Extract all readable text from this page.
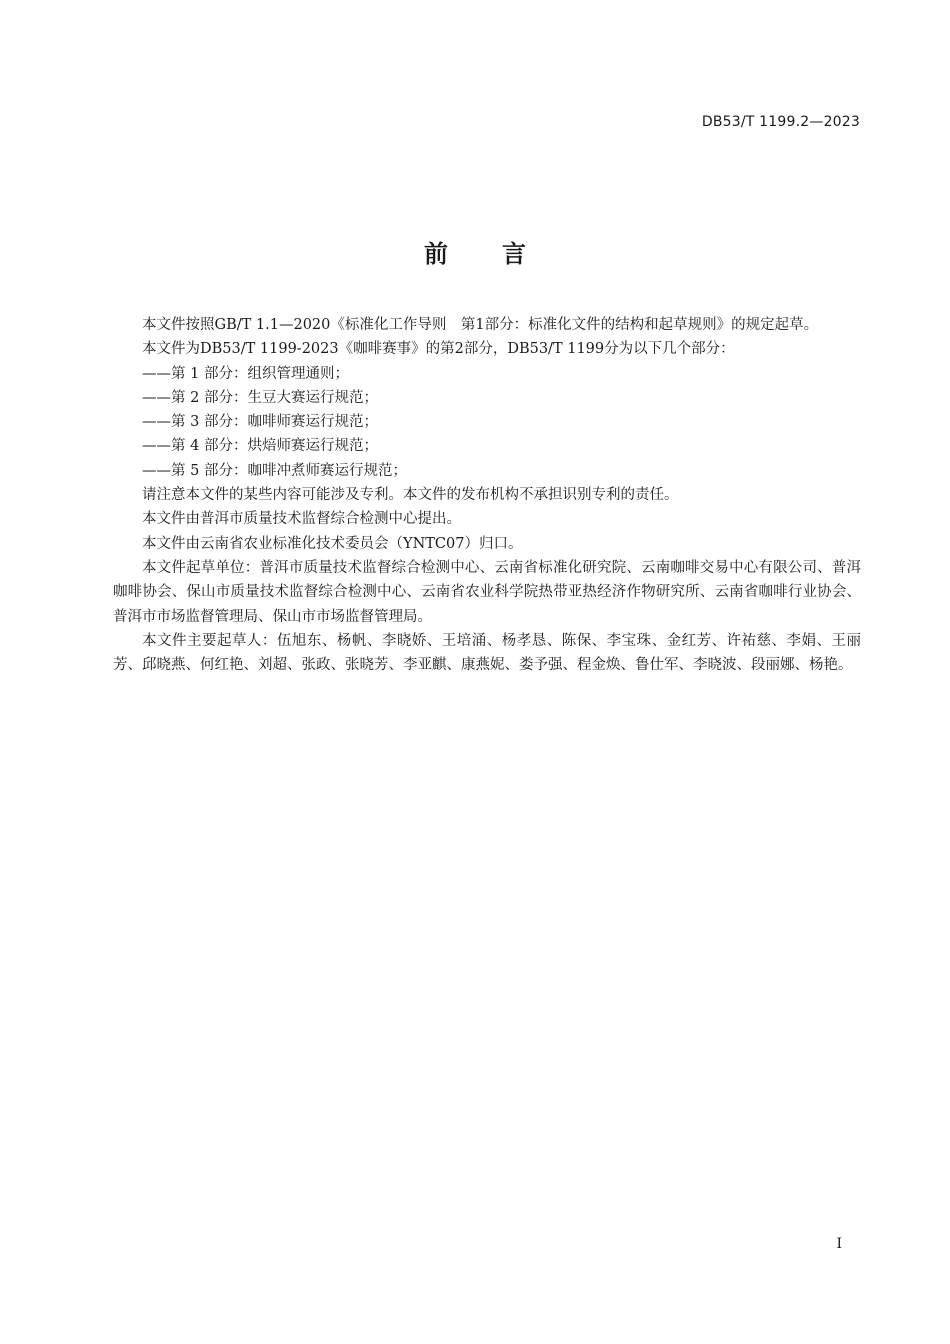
DB53/T 1199.2—2023
前言

本文件按照GB/T 1.1—2020《标准化工作导则　第1部分：标准化文件的结构和起草规则》的规定起草。

本文件为DB53/T 1199-2023《咖啡赛事》的第2部分，DB53/T 1199分为以下几个部分：

——第 1 部分：组织管理通则；

——第 2 部分：生豆大赛运行规范；

——第 3 部分：咖啡师赛运行规范；

——第 4 部分：烘焙师赛运行规范；

——第 5 部分：咖啡冲煮师赛运行规范；

请注意本文件的某些内容可能涉及专利。本文件的发布机构不承担识别专利的责任。

本文件由普洱市质量技术监督综合检测中心提出。

本文件由云南省农业标准化技术委员会（YNTC07）归口。

本文件起草单位：普洱市质量技术监督综合检测中心、云南省标准化研究院、云南咖啡交易中心有限公司、普洱咖啡协会、保山市质量技术监督综合检测中心、云南省农业科学院热带亚热经济作物研究所、云南省咖啡行业协会、普洱市市场监督管理局、保山市市场监督管理局。

本文件主要起草人：伍旭东、杨帆、李晓娇、王培涌、杨孝恳、陈保、李宝珠、金红芳、许祐慈、李娟、王丽芳、邱晓燕、何红艳、刘超、张政、张晓芳、李亚麒、康燕妮、娄予强、程金焕、鲁仕军、李晓波、段丽娜、杨艳。

I
